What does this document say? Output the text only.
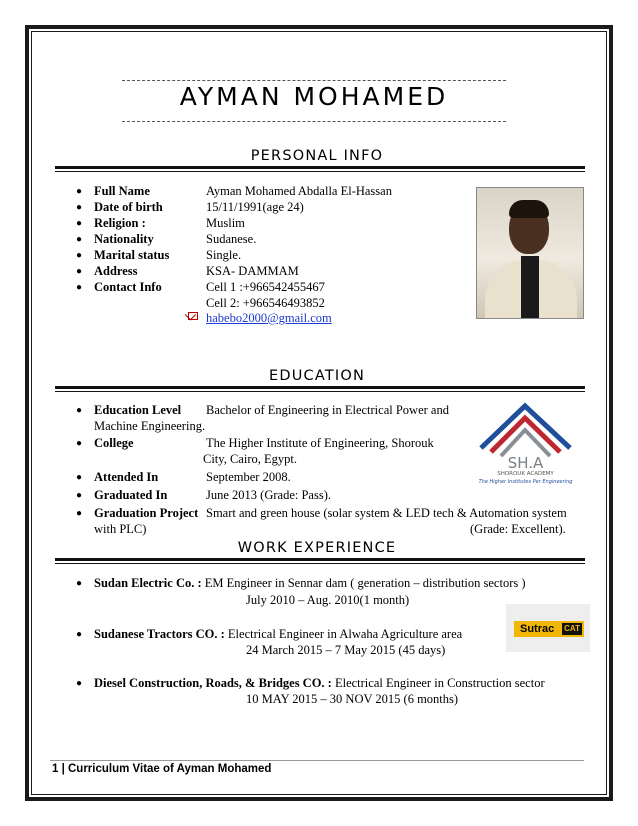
AYMAN MOHAMED
PERSONAL INFO
● Full Name	Ayman Mohamed Abdalla El-Hassan
● Date of birth	15/11/1991(age 24)
● Religion :	Muslim
● Nationality	Sudanese.
● Marital status	Single.
● Address	KSA- DAMMAM
● Contact Info	Cell 1 :+966542455467
Cell 2: +966546493852
habebo2000@gmail.com
EDUCATION
● Education Level Bachelor of Engineering in Electrical Power and
Machine Engineering.
● College	The Higher Institute of Engineering, Shorouk
City, Cairo, Egypt.
● Attended In	September 2008.
● Graduated In	June 2013 (Grade: Pass).
● Graduation Project Smart and green house (solar system & LED tech & Automation system
with PLC)	(Grade: Excellent).
SH.A
SHOROUK ACADEMY
The Higher Institutes Per Engineering
WORK EXPERIENCE
● Sudan Electric Co. : EM Engineer in Sennar dam ( generation – distribution sectors )
July 2010 – Aug. 2010(1 month)
● Sudanese Tractors CO. : Electrical Engineer in Alwaha Agriculture area
24 March 2015 – 7 May 2015 (45 days)
● Diesel Construction, Roads, & Bridges CO. : Electrical Engineer in Construction sector
10 MAY 2015 – 30 NOV 2015 (6 months)
Sutrac CAT
1 | Curriculum Vitae of Ayman Mohamed
